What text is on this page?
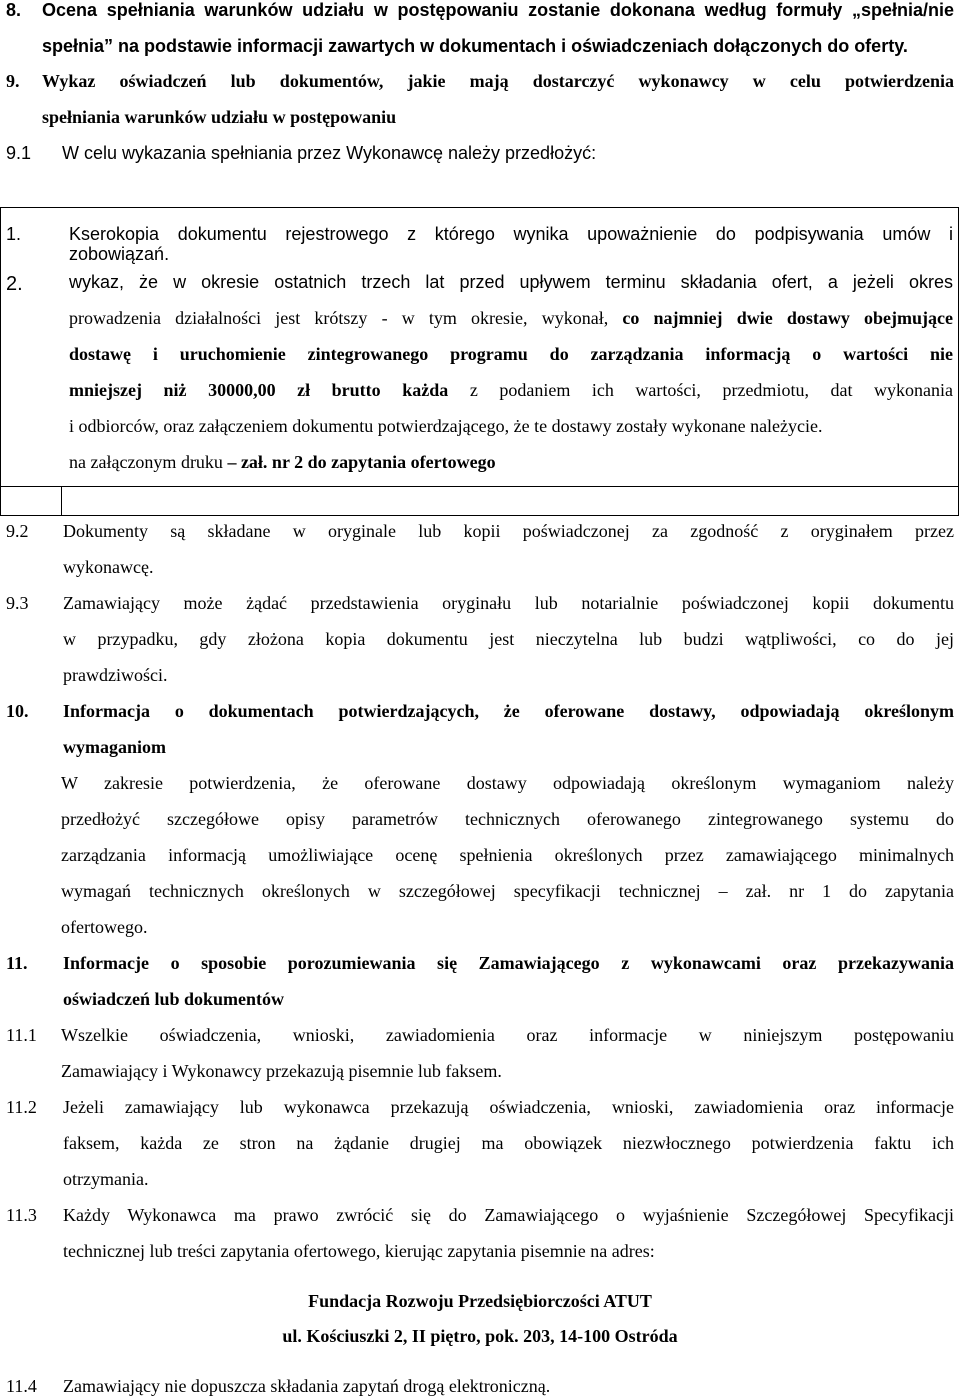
8. Ocena spełniania warunków udziału w postępowaniu zostanie dokonana według formuły „spełnia/nie
spełnia” na podstawie informacji zawartych w dokumentach i oświadczeniach dołączonych do oferty.
9. Wykaz oświadczeń lub dokumentów, jakie mają dostarczyć wykonawcy w celu potwierdzenia
spełniania warunków udziału w postępowaniu
9.1 W celu wykazania spełniania przez Wykonawcę należy przedłożyć:
1.	Kserokopia dokumentu rejestrowego z którego wynika upoważnienie do podpisywania umów i
zobowiązań.
2.	wykaz, że w okresie ostatnich trzech lat przed upływem terminu składania ofert, a jeżeli okres
prowadzenia działalności jest krótszy - w tym okresie, wykonał, co najmniej dwie dostawy obejmujące
dostawę i uruchomienie zintegrowanego programu do zarządzania informacją o wartości nie
mniejszej niż 30000,00 zł brutto każda z podaniem ich wartości, przedmiotu, dat wykonania
i odbiorców, oraz załączeniem dokumentu potwierdzającego, że te dostawy zostały wykonane należycie.
na załączonym druku – zał. nr 2 do zapytania ofertowego
9.2 Dokumenty są składane w oryginale lub kopii poświadczonej za zgodność z oryginałem przez
wykonawcę.
9.3 Zamawiający może żądać przedstawienia oryginału lub notarialnie poświadczonej kopii dokumentu
w przypadku, gdy złożona kopia dokumentu jest nieczytelna lub budzi wątpliwości, co do jej
prawdziwości.
10. Informacja o dokumentach potwierdzających, że oferowane dostawy, odpowiadają określonym
wymaganiom
W zakresie potwierdzenia, że oferowane dostawy odpowiadają określonym wymaganiom należy
przedłożyć szczegółowe opisy parametrów technicznych oferowanego zintegrowanego systemu do
zarządzania informacją umożliwiające ocenę spełnienia określonych przez zamawiającego minimalnych
wymagań technicznych określonych w szczegółowej specyfikacji technicznej – zał. nr 1 do zapytania
ofertowego.
11. Informacje o sposobie porozumiewania się Zamawiającego z wykonawcami oraz przekazywania
oświadczeń lub dokumentów
11.1 Wszelkie oświadczenia, wnioski, zawiadomienia oraz informacje w niniejszym postępowaniu
Zamawiający i Wykonawcy przekazują pisemnie lub faksem.
11.2 Jeżeli zamawiający lub wykonawca przekazują oświadczenia, wnioski, zawiadomienia oraz informacje
faksem, każda ze stron na żądanie drugiej ma obowiązek niezwłocznego potwierdzenia faktu ich
otrzymania.
11.3 Każdy Wykonawca ma prawo zwrócić się do Zamawiającego o wyjaśnienie Szczegółowej Specyfikacji
technicznej lub treści zapytania ofertowego, kierując zapytania pisemnie na adres:
Fundacja Rozwoju Przedsiębiorczości ATUT
ul. Kościuszki 2, II piętro, pok. 203, 14-100 Ostróda
11.4 Zamawiający nie dopuszcza składania zapytań drogą elektroniczną.
